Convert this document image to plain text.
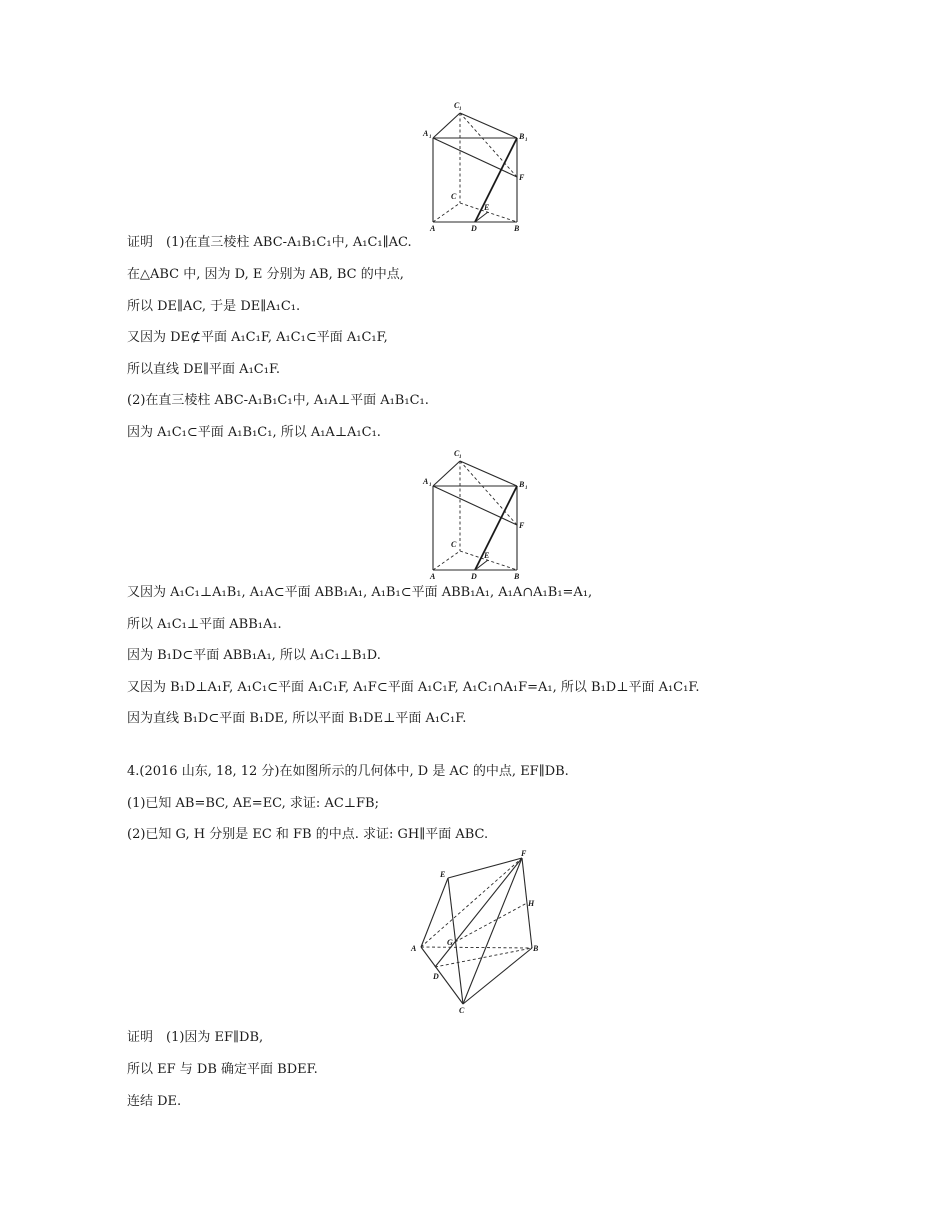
C 1
A 1	B 1
F
C
E
A	D	B
证明　(1)在直三棱柱 ABC-A₁B₁C₁中, A₁C₁∥AC.
在△ABC 中, 因为 D, E 分别为 AB, BC 的中点,
所以 DE∥AC, 于是 DE∥A₁C₁.
又因为 DE⊄平面 A₁C₁F, A₁C₁⊂平面 A₁C₁F,
所以直线 DE∥平面 A₁C₁F.
(2)在直三棱柱 ABC-A₁B₁C₁中, A₁A⊥平面 A₁B₁C₁.
因为 A₁C₁⊂平面 A₁B₁C₁, 所以 A₁A⊥A₁C₁.
C 1
A 1	B 1
F
C
E
A	D	B
又因为 A₁C₁⊥A₁B₁, A₁A⊂平面 ABB₁A₁, A₁B₁⊂平面 ABB₁A₁, A₁A∩A₁B₁=A₁,
所以 A₁C₁⊥平面 ABB₁A₁.
因为 B₁D⊂平面 ABB₁A₁, 所以 A₁C₁⊥B₁D.
又因为 B₁D⊥A₁F, A₁C₁⊂平面 A₁C₁F, A₁F⊂平面 A₁C₁F, A₁C₁∩A₁F=A₁, 所以 B₁D⊥平面 A₁C₁F.
因为直线 B₁D⊂平面 B₁DE, 所以平面 B₁DE⊥平面 A₁C₁F.
4.(2016 山东, 18, 12 分)在如图所示的几何体中, D 是 AC 的中点, EF∥DB.
(1)已知 AB=BC, AE=EC, 求证: AC⊥FB;
(2)已知 G, H 分别是 EC 和 FB 的中点. 求证: GH∥平面 ABC.
F
E
H
A
G
B
D
C
证明　(1)因为 EF∥DB,
所以 EF 与 DB 确定平面 BDEF.
连结 DE.
